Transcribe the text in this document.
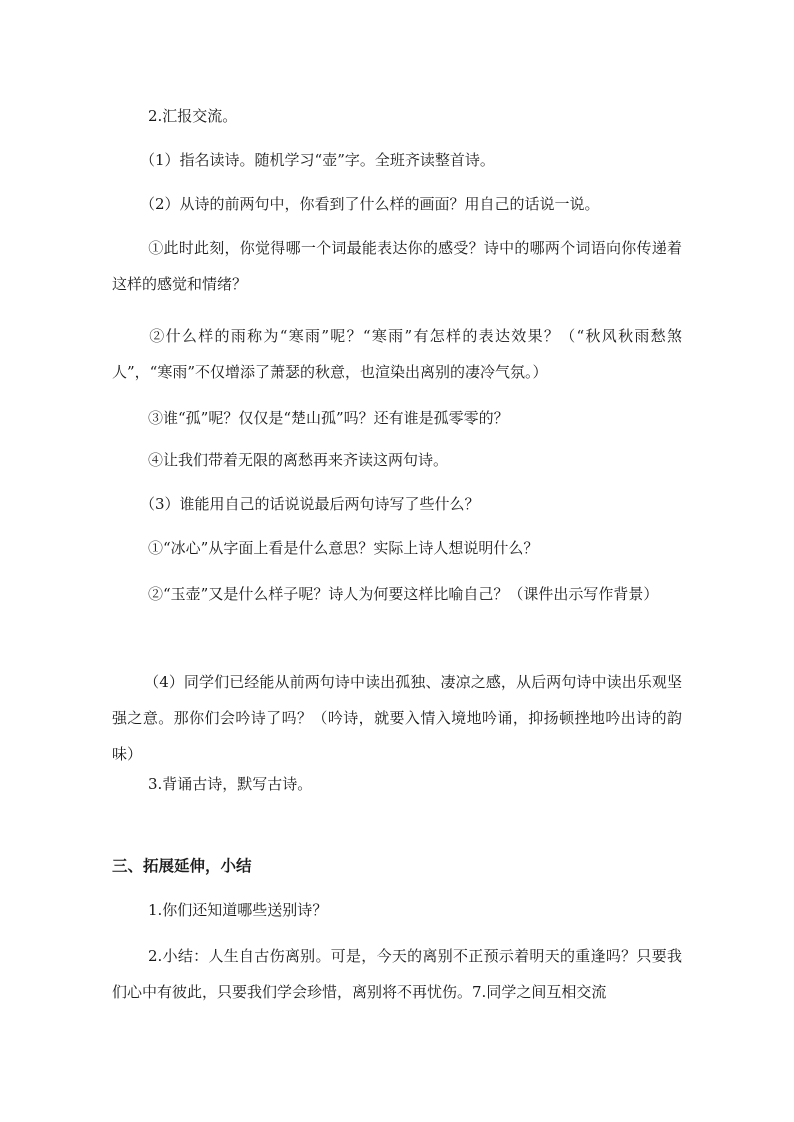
2.汇报交流。

（1）指名读诗。随机学习“壶”字。全班齐读整首诗。

（2）从诗的前两句中，你看到了什么样的画面？用自己的话说一说。

①此时此刻，你觉得哪一个词最能表达你的感受？诗中的哪两个词语向你传递着这样的感觉和情绪？

②什么样的雨称为“寒雨”呢？“寒雨”有怎样的表达效果？（“秋风秋雨愁煞人”，“寒雨”不仅增添了萧瑟的秋意，也渲染出离别的凄冷气氛。）

③谁“孤”呢？仅仅是“楚山孤”吗？还有谁是孤零零的？

④让我们带着无限的离愁再来齐读这两句诗。

（3）谁能用自己的话说说最后两句诗写了些什么？

①“冰心”从字面上看是什么意思？实际上诗人想说明什么？

②“玉壶”又是什么样子呢？诗人为何要这样比喻自己？（课件出示写作背景）

（4）同学们已经能从前两句诗中读出孤独、凄凉之感，从后两句诗中读出乐观坚强之意。那你们会吟诗了吗？（吟诗，就要入情入境地吟诵，抑扬顿挫地吟出诗的韵味）

3.背诵古诗，默写古诗。

三、拓展延伸，小结

1.你们还知道哪些送别诗？

2.小结：人生自古伤离别。可是，今天的离别不正预示着明天的重逢吗？只要我们心中有彼此，只要我们学会珍惜，离别将不再忧伤。7.同学之间互相交流
